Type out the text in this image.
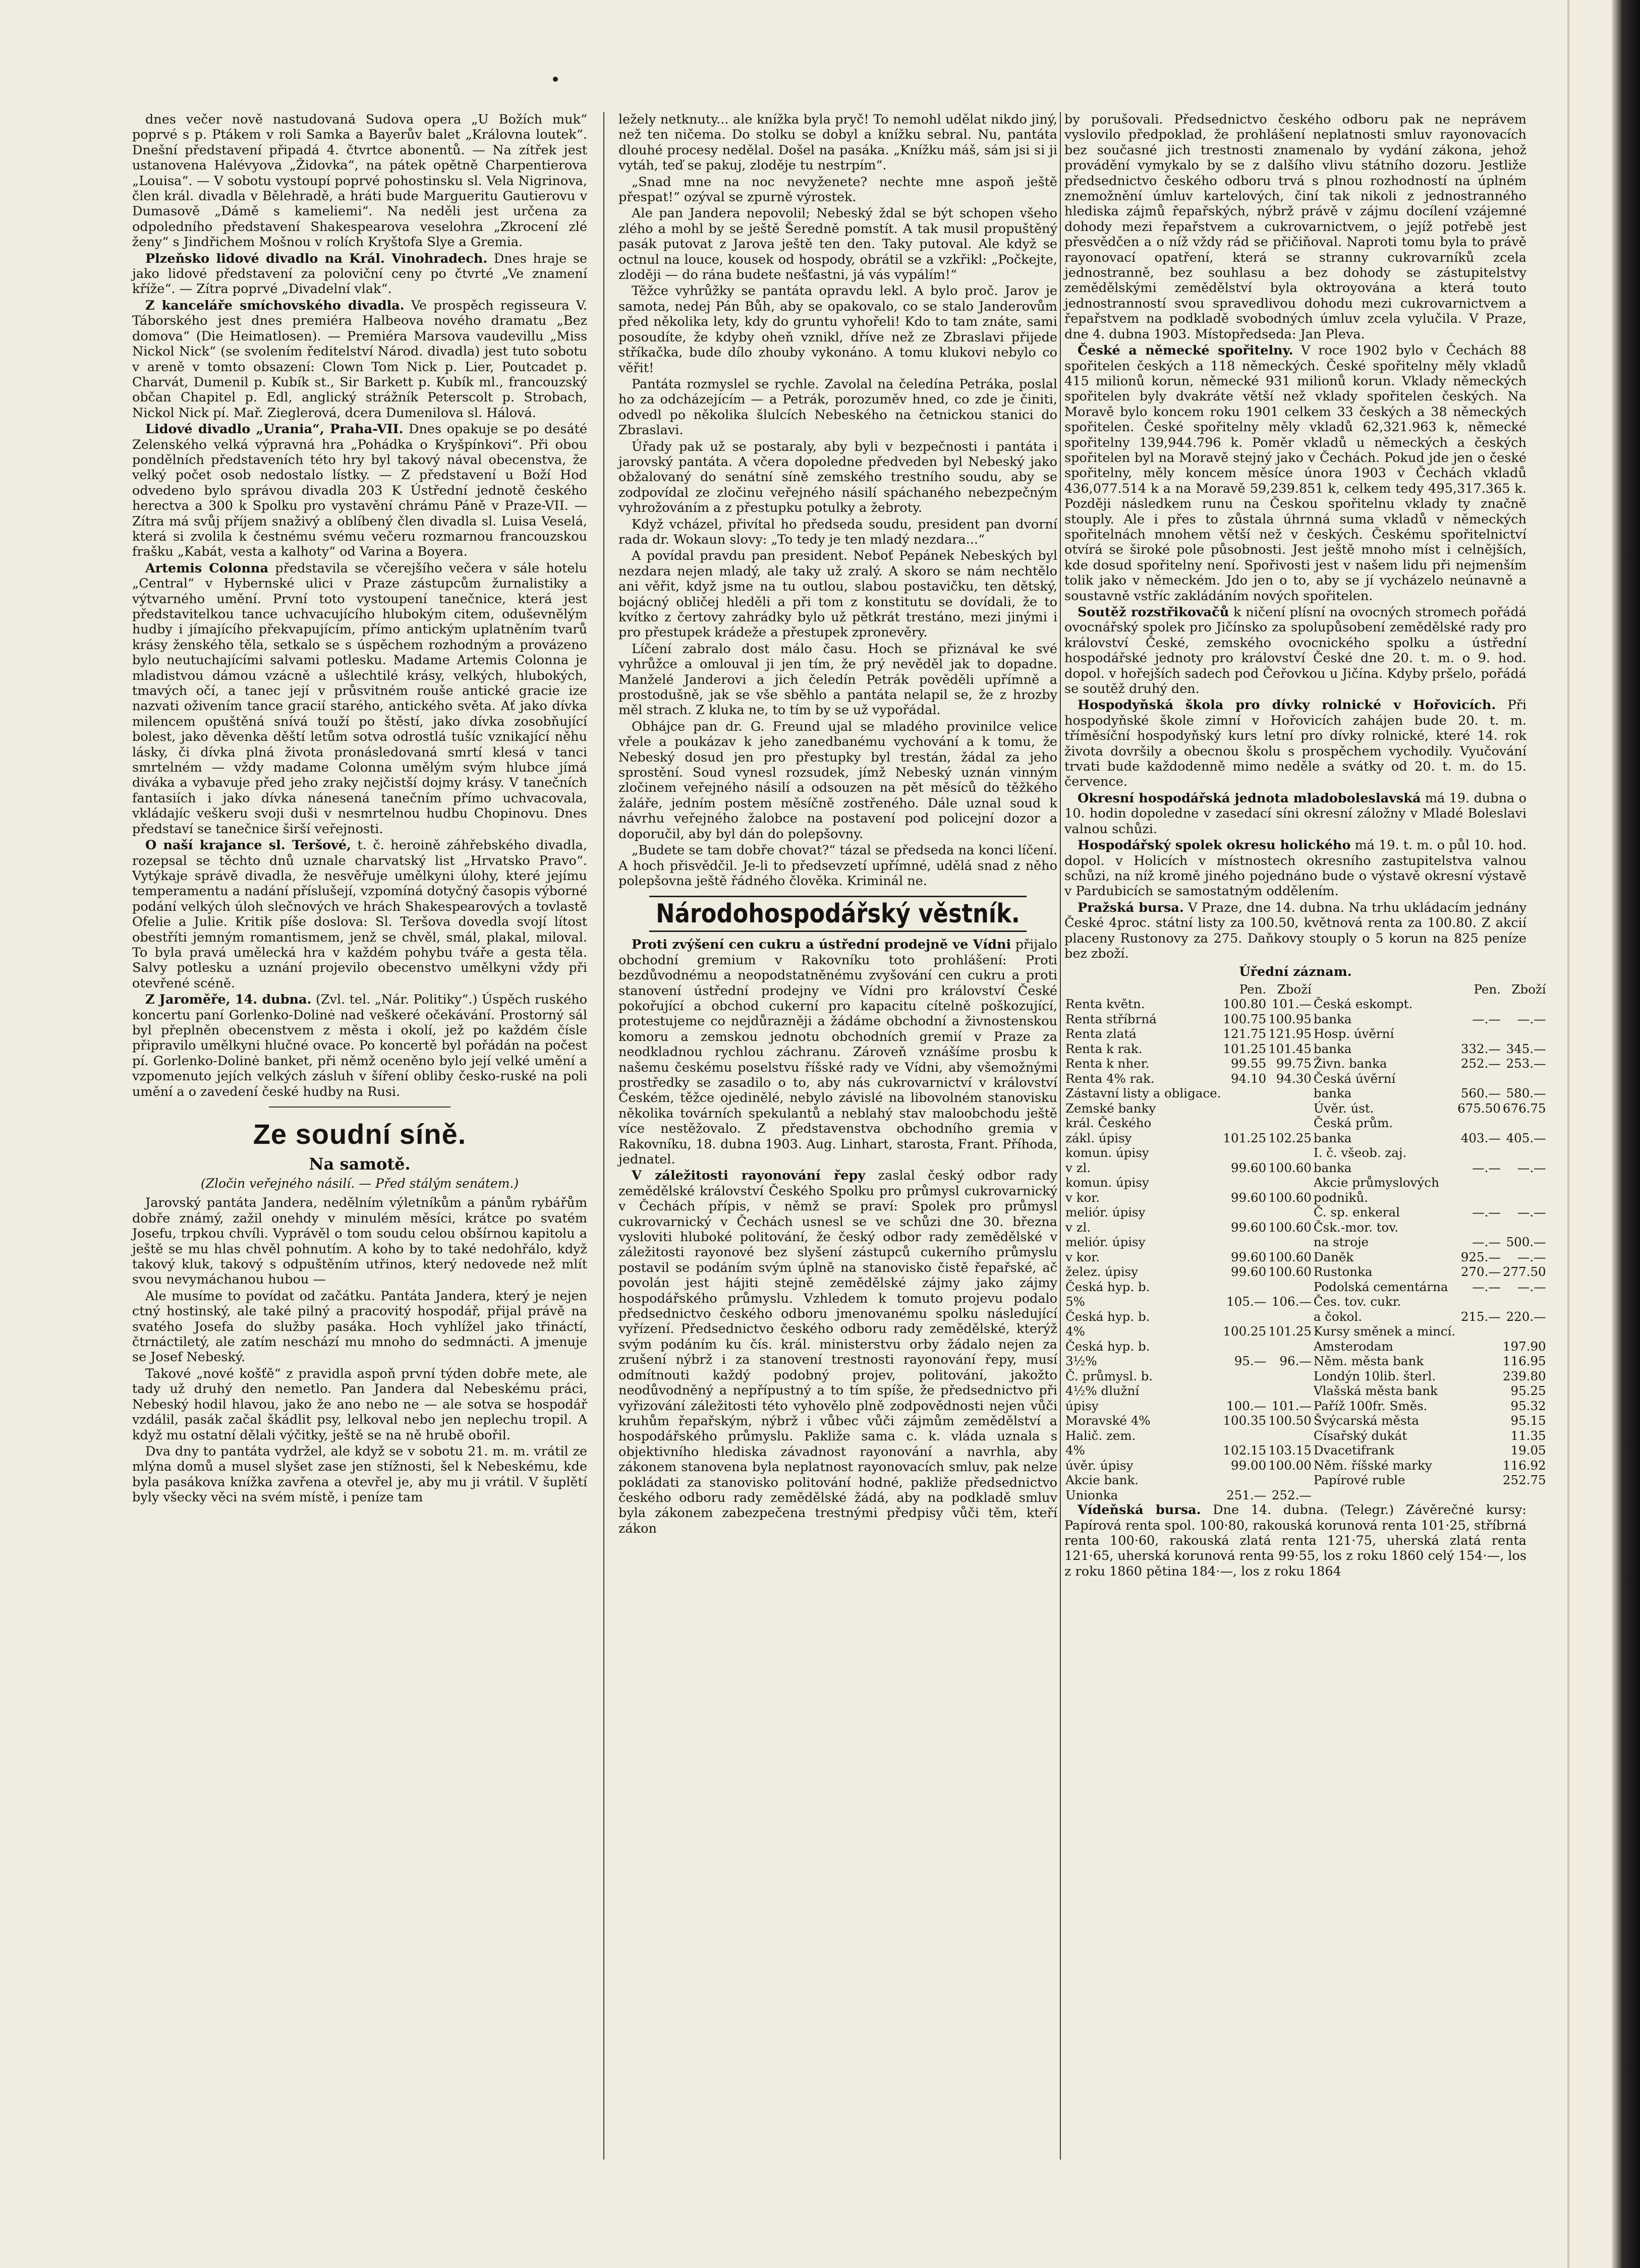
dnes večer nově nastudovaná Sudova opera „U Božích muk“ poprvé s p. Ptákem v roli Samka a Bayerův balet „Královna loutek“. Dnešní představení připadá 4. čtvrtce abonentů. — Na zítřek jest ustanovena Halévyova „Židovka“, na pátek opětně Charpentierova „Louisa“. — V sobotu vystoupí poprvé pohostinsku sl. Vela Nigrinova, člen král. divadla v Bělehradě, a hráti bude Margueritu Gautierovu v Dumasově „Dámě s kameliemi“. Na neděli jest určena za odpoledního představení Shakespearova veselohra „Zkrocení zlé ženy“ s Jindřichem Mošnou v rolích Kryštofa Slye a Gremia.

Plzeňsko lidové divadlo na Král. Vinohradech. Dnes hraje se jako lidové představení za poloviční ceny po čtvrté „Ve znamení kříže“. — Zítra poprvé „Divadelní vlak“.

Z kanceláře smíchovského divadla. Ve prospěch regisseura V. Táborského jest dnes premiéra Halbeova nového dramatu „Bez domova“ (Die Heimatlosen). — Premiéra Marsova vaudevillu „Miss Nickol Nick“ (se svolením ředitelství Národ. divadla) jest tuto sobotu v areně v tomto obsazení: Clown Tom Nick p. Lier, Poutcadet p. Charvát, Dumenil p. Kubík st., Sir Barkett p. Kubík ml., francouzský občan Chapitel p. Edl, anglický strážník Peterscolt p. Strobach, Nickol Nick pí. Mař. Zieglerová, dcera Dumenilova sl. Hálová.

Lidové divadlo „Urania“, Praha-VII. Dnes opakuje se po desáté Zelenského velká výpravná hra „Pohádka o Kryšpínkovi“. Při obou pondělních představeních této hry byl takový nával obecenstva, že velký počet osob nedostalo lístky. — Z představení u Boží Hod odvedeno bylo správou divadla 203 K Ústřední jednotě českého herectva a 300 k Spolku pro vystavění chrámu Páně v Praze-VII. — Zítra má svůj příjem snaživý a oblíbený člen divadla sl. Luisa Veselá, která si zvolila k čestnému svému večeru rozmarnou francouzskou frašku „Kabát, vesta a kalhoty“ od Varina a Boyera.

Artemis Colonna představila se včerejšího večera v sále hotelu „Central“ v Hybernské ulici v Praze zástupcům žurnalistiky a výtvarného umění. První toto vystoupení tanečnice, která jest představitelkou tance uchvacujícího hlubokým citem, oduševnělým hudby i jímajícího překvapujícím, přímo antickým uplatněním tvarů krásy ženského těla, setkalo se s úspěchem rozhodným a provázeno bylo neutuchajícími salvami potlesku. Madame Artemis Colonna je mladistvou dámou vzácně a ušlechtilé krásy, velkých, hlubokých, tmavých očí, a tanec její v průsvitném rouše antické gracie ize nazvati oživením tance gracií starého, antického světa. Ať jako dívka milencem opuštěná snívá touží po štěstí, jako dívka zosobňující bolest, jako děvenka děští letům sotva odrostlá tušíc vznikající něhu lásky, či dívka plná života pronásledovaná smrtí klesá v tanci smrtelném — vždy madame Colonna umělým svým hlubce jímá divákа a vybavuje před jeho zraky nejčistší dojmy krásy. V tanečních fantasiích i jako dívka nánesená tanečním přímo uchvacovala, vkládajíc veškeru svoji duši v nesmrtelnou hudbu Chopinovu. Dnes představí se tanečnice širší veřejnosti.

O naší krajance sl. Teršové, t. č. heroině záhřebského divadla, rozepsal se těchto dnů uznale charvatský list „Hrvatsko Pravo“. Vytýkaje správě divadla, že nesvěřuje umělkyni úlohy, které jejímu temperamentu a nadání příslušejí, vzpomíná dotyčný časopis výborné podání velkých úloh slečnových ve hrách Shakespearových a tovlastě Ofelie a Julie. Kritik píše doslova: Sl. Teršova dovedla svojí lítost obestříti jemným romantismem, jenž se chvěl, smál, plakal, miloval. To byla pravá umělecká hra v každém pohybu tváře a gesta těla. Salvy potlesku a uznání projevilo obecenstvo umělkyni vždy při otevřené scéně.

Z Jaroměře, 14. dubna. (Zvl. tel. „Nár. Politiky“.) Úspěch ruského koncertu paní Gorlenko-Dolinė nad veškeré očekávání. Prostorný sál byl přeplněn obecenstvem z města i okolí, jež po každém čísle připravilo umělkyni hlučné ovace. Po koncertě byl pořádán na počest pí. Gorlenko-Dolinė banket, při němž oceněno bylo její velké umění a vzpomenuto jejích velkých zásluh v šíření obliby česko-ruské na poli umění a o zavedení české hudby na Rusi.

Ze soudní síně.
Na samotě.
(Zločin veřejného násilí. — Před stálým senátem.)

Jarovský pantáta Jandera, nedělním výletníkům a pánům rybářům dobře známý, zažil onehdy v minulém měsíci, krátce po svatém Josefu, trpkou chvíli. Vyprávěl o tom soudu celou obšírnou kapitolu a ještě se mu hlas chvěl pohnutím. A koho by to také nedohřálo, když takový kluk, takový s odpuštěním utřinos, který nedovede než mlít svou nevymáchanou hubou —

Ale musíme to povídat od začátku. Pantáta Jandera, který je nejen ctný hostinský, ale také pilný a pracovitý hospodář, přijal právě na svatého Josefa do služby pasáka. Hoch vyhlížel jako třináctí, čtrnáctiletý, ale zatím neschází mu mnoho do sedmnácti. A jmenuje se Josef Nebeský.

Takové „nové košťě“ z pravidla aspoň první týden dobře mete, ale tady už druhý den nemetlo. Pan Jandera dal Nebeskému práci, Nebeský hodil hlavou, jako že ano nebo ne — ale sotva se hospodář vzdálil, pasák začal škádlit psy, lelkoval nebo jen neplechu tropil. A když mu ostatní dělali výčitky, ještě se na ně hrubě obořil.

Dva dny to pantáta vydržel, ale když se v sobotu 21. m. m. vrátil ze mlýna domů a musel slyšet zase jen stížnosti, šel k Nebeskému, kde byla pasákova knížka zavřena a otevřel je, aby mu ji vrátil. V šuplětí byly všecky věci na svém místě, i peníze tam

ležely netknuty... ale knížka byla pryč! To nemohl udělat nikdo jiný, než ten ničema. Do stolku se dobyl a knížku sebral. Nu, pantáta dlouhé procesy nedělal. Došel na pasáka. „Knížku máš, sám jsi si ji vytáh, teď se pakuj, zloděje tu nestrpím“.

„Snad mne na noc nevyženete? nechte mne aspoň ještě přespat!“ ozýval se zpurně výrostek.

Ale pan Jandera nepovolil; Nebeský ždal se být schopen všeho zlého a mohl by se ještě Šeredně pomstít. A tak musil propuštěný pasák putovat z Jarova ještě ten den. Taky putoval. Ale když se octnul na louce, kousek od hospody, obrátil se a vzkřikl: „Počkejte, zloději — do rána budete nešťastni, já vás vypálím!“

Těžce vyhrůžky se pantáta opravdu lekl. A bylo proč. Jarov je samota, nedej Pán Bůh, aby se opakovalo, co se stalo Janderovům před několika lety, kdy do gruntu vyhořeli! Kdo to tam znáte, sami posoudíte, že kdyby oheň vznikl, dříve než ze Zbraslavi přijede stříkačka, bude dílo zhouby vykonáno. A tomu klukovi nebylo co věřit!

Pantáta rozmyslel se rychle. Zavolal na čeledína Petráka, poslal ho za odcházejícím — a Petrák, porozuměv hned, co zde je činiti, odvedl po několika šlulcích Nebeského na četnickou stanici do Zbraslavi.

Úřady pak už se postaraly, aby byli v bezpečnosti i pantáta i jarovský pantáta. A včera dopoledne předveden byl Nebeský jako obžalovaný do senátní síně zemského trestního soudu, aby se zodpovídal ze zločinu veřejného násilí spáchaného nebezpečným vyhrožováním a z přestupku potulky a žebroty.

Když vcházel, přivítal ho předseda soudu, president pan dvorní rada dr. Wokaun slovy: „To tedy je ten mladý nezdara...“

A povídal pravdu pan president. Neboť Pepánek Nebeských byl nezdara nejen mladý, ale taky už zralý. A skoro se nám nechtělo ani věřit, když jsme na tu outlou, slabou postavičku, ten dětský, bojácný obličej hleděli a při tom z konstitutu se dovídali, že to kvítko z čertovy zahrádky bylo už pětkrát trestáno, mezi jinými i pro přestupek krádeže a přestupek zpronevěry.

Líčení zabralo dost málo času. Hoch se přiznával ke své vyhrůžce a omlouval ji jen tím, že prý nevěděl jak to dopadne. Manželé Janderovi a jich čeledín Petrák pověděli upřímně a prostodušně, jak se vše sběhlo a pantáta nelapil se, že z hrozby měl strach. Z kluka ne, to tím by se už vypořádal.

Obhájce pan dr. G. Freund ujal se mladého provinilce velice vřele a poukázav k jeho zanedbanému vychování a k tomu, že Nebeský dosud jen pro přestupky byl trestán, žádal za jeho sprostění. Soud vynesl rozsudek, jímž Nebeský uznán vinným zločinem veřejného násilí a odsouzen na pět měsíců do těžkého žaláře, jedním postem měsíčně zostřeného. Dále uznal soud k návrhu veřejného žalobce na postavení pod policejní dozor a doporučil, aby byl dán do polepšovny.

„Budete se tam dobře chovat?“ tázal se předseda na konci líčení. A hoch přisvědčil. Je-li to předsevzetí upřímné, udělá snad z něho polepšovna ještě řádného člověka. Kriminál ne.

Národohospodářský věstník.

Proti zvýšení cen cukru a ústřední prodejně ve Vídni přijalo obchodní gremium v Rakovníku toto prohlášení: Proti bezdůvodnému a neopodstatněnému zvyšování cen cukru a proti stanovení ústřední prodejny ve Vídni pro království České pokořující a obchod cukerní pro kapacitu cítelně poškozující, protestujeme co nejdůrazněji a žádáme obchodní a živnostenskou komoru a zemskou jednotu obchodních gremií v Praze za neodkladnou rychlou záchranu. Zároveň vznášíme prosbu k našemu českému poselstvu říšské rady ve Vídni, aby všemožnými prostředky se zasadilo o to, aby nás cukrovarnictví v království Českém, těžce ojedinělé, nebylo závislé na libovolném stanovisku několika továrních spekulantů a neblahý stav maloobchodu ještě více nestěžovalo. Z představenstva obchodního gremia v Rakovníku, 18. dubna 1903. Aug. Linhart, starosta, Frant. Příhoda, jednatel.

V záležitosti rayonování řepy zaslal český odbor rady zemědělské království Českého Spolku pro průmysl cukrovarnický v Čechách přípis, v němž se praví: Spolek pro průmysl cukrovarnický v Čechách usnesl se ve schůzi dne 30. března vysloviti hluboké politování, že český odbor rady zemědělské v záležitosti rayonové bez slyšení zástupců cukerního průmyslu postavil se podáním svým úplně na stanovisko čistě řepařské, ač povolán jest hájiti stejně zemědělské zájmy jako zájmy hospodářského průmyslu. Vzhledem k tomuto projevu podalo předsednictvo českého odboru jmenovanému spolku následující vyřízení. Předsednictvo českého odboru rady zemědělské, kterýž svým podáním ku čís. král. ministerstvu orby žádalo nejen za zrušení nýbrž i za stanovení trestnosti rayonování řepy, musí odmítnouti každý podobný projev, politování, jakožto neodůvodněný a nepřípustný a to tím spíše, že předsednictvo při vyřizování záležitosti této vyhovělo plně zodpovědnosti nejen vůči kruhům řepařským, nýbrž i vůbec vůči zájmům zemědělství a hospodářského průmyslu. Pakliže sama c. k. vláda uznala s objektivního hlediska závadnost rayonování a navrhla, aby zákonem stanovena byla neplatnost rayonovacích smluv, pak nelze pokládati za stanovisko politování hodné, pakliže předsednictvo českého odboru rady zemědělské žádá, aby na podkladě smluv byla zákonem zabezpečena trestnými předpisy vůči těm, kteří zákon

by porušovali. Předsednictvo českého odboru pak ne neprávem vyslovilo předpoklad, že prohlášení neplatnosti smluv rayonovacích bez současné jich trestnosti znamenalo by vydání zákona, jehož provádění vymykalo by se z dalšího vlivu státního dozoru. Jestliže předsednictvo českého odboru trvá s plnou rozhodností na úplném znemožnění úmluv kartelových, činí tak nikoli z jednostranného hlediska zájmů řepařských, nýbrž právě v zájmu docílení vzájemné dohody mezi řepařstvem a cukrovarnictvem, o jejíž potřebě jest přesvědčen a o níž vždy rád se přičiňoval. Naproti tomu byla to právě rayonovací opatření, která se stranny cukrovarníků zcela jednostranně, bez souhlasu a bez dohody se zástupitelstvy zemědělskými zemědělství byla oktroyována a která touto jednostranností svou spravedlivou dohodu mezi cukrovarnictvem a řepařstvem na podkladě svobodných úmluv zcela vylučila. V Praze, dne 4. dubna 1903. Místopředseda: Jan Pleva.

České a německé spořitelny. V roce 1902 bylo v Čechách 88 spořitelen českých a 118 německých. České spořitelny měly vkladů 415 milionů korun, německé 931 milionů korun. Vklady německých spořitelen byly dvakráte větší než vklady spořitelen českých. Na Moravě bylo koncem roku 1901 celkem 33 českých a 38 německých spořitelen. České spořitelny měly vkladů 62,321.963 k, německé spořitelny 139,944.796 k. Poměr vkladů u německých a českých spořitelen byl na Moravě stejný jako v Čechách. Pokud jde jen o české spořitelny, měly koncem měsíce února 1903 v Čechách vkladů 436,077.514 k a na Moravě 59,239.851 k, celkem tedy 495,317.365 k. Později následkem runu na Českou spořitelnu vklady ty značně stouply. Ale i přes to zůstala úhrnná suma vkladů v německých spořitelnách mnohem větší než v českých. Českému spořitelnictví otvírá se široké pole působnosti. Jest ještě mnoho míst i celnějších, kde dosud spořitelny není. Spořivosti jest v našem lidu při nejmenším tolik jako v německém. Jdo jen o to, aby se jí vycházelo neúnavně a soustavně vstříc zakládáním nových spořitelen.

Soutěž rozstřikovačů k ničení plísní na ovocných stromech pořádá ovocnářský spolek pro Jičínsko za spolupůsobení zemědělské rady pro království České, zemského ovocnického spolku a ústřední hospodářské jednoty pro království České dne 20. t. m. o 9. hod. dopol. v hořejších sadech pod Čeřovkou u Jičína. Kdyby pršelo, pořádá se soutěž druhý den.

Hospodyňská škola pro dívky rolnické v Hořovicích. Při hospodyňské škole zimní v Hořovicích zahájen bude 20. t. m. tříměsíční hospodyňský kurs letní pro dívky rolnické, které 14. rok života dovršily a obecnou školu s prospěchem vychodily. Vyučování trvati bude každodenně mimo neděle a svátky od 20. t. m. do 15. července.

Okresní hospodářská jednota mladoboleslavská má 19. dubna o 10. hodin dopoledne v zasedací síni okresní záložny v Mladé Boleslavi valnou schůzi.

Hospodářský spolek okresu holického má 19. t. m. o půl 10. hod. dopol. v Holicích v místnostech okresního zastupitelstva valnou schůzi, na níž kromě jiného pojednáno bude o výstavě okresní výstavě v Pardubicích se samostatným oddělením.

Pražská bursa. V Praze, dne 14. dubna. Na trhu ukládacím jednány České 4proc. státní listy za 100.50, květnová renta za 100.80. Z akcií placeny Rustonovy za 275. Daňkovy stouply o 5 korun na 825 peníze bez zboží.

Úřední záznam.
	Pen.	Zboží		Pen.	Zboží
Renta květn.	100.80	101.—	Česká eskompt.		
Renta stříbrná	100.75	100.95	banka	—.—	—.—
Renta zlatá	121.75	121.95	Hosp. úvěrní		
Renta k rak.	101.25	101.45	banka	332.—	345.—
Renta k nher.	99.55	99.75	Živn. banka	252.—	253.—
Renta 4% rak.	94.10	94.30	Česká úvěrní		
Zástavní listy a obligace.			banka	560.—	580.—
Zemské banky			Úvěr. úst.	675.50	676.75
král. Českého			Česká prům.		
zákl. úpisy	101.25	102.25	banka	403.—	405.—
komun. úpisy			I. č. všeob. zaj.		
v zl.	99.60	100.60	banka	—.—	—.—
komun. úpisy			Akcie průmyslových		
v kor.	99.60	100.60	podniků.		
meliór. úpisy			Č. sp. enkeral	—.—	—.—
v zl.	99.60	100.60	Čsk.-mor. tov.		
meliór. úpisy			na stroje	—.—	500.—
v kor.	99.60	100.60	Daněk	925.—	—.—
želez. úpisy	99.60	100.60	Rustonka	270.—	277.50
Česká hyp. b.			Podolská cementárna	—.—	—.—
5%	105.—	106.—	Čes. tov. cukr.		
Česká hyp. b.			a čokol.	215.—	220.—
4%	100.25	101.25	Kursy směnek a mincí.		
Česká hyp. b.			Amsterodam		197.90
3½%	95.—	96.—	Něm. města bank		116.95
Č. průmysl. b.			Londýn 10lib. šterl.		239.80
4½% dlužní			Vlašská města bank		95.25
úpisy	100.—	101.—	Paříž 100fr. Směs.		95.32
Moravské 4%	100.35	100.50	Švýcarská města		95.15
Halič. zem.			Císařský dukát		11.35
4%	102.15	103.15	Dvacetifrank		19.05
úvěr. úpisy	99.00	100.00	Něm. říšské marky		116.92
Akcie bank.			Papírové ruble		252.75
Unionka	251.—	252.—			

Vídeňská bursa. Dne 14. dubna. (Telegr.) Závěrečné kursy: Papírová renta spol. 100·80, rakouská korunová renta 101·25, stříbrná renta 100·60, rakouská zlatá renta 121·75, uherská zlatá renta 121·65, uherská korunová renta 99·55, los z roku 1860 celý 154·—, los z roku 1860 pětina 184·—, los z roku 1864
